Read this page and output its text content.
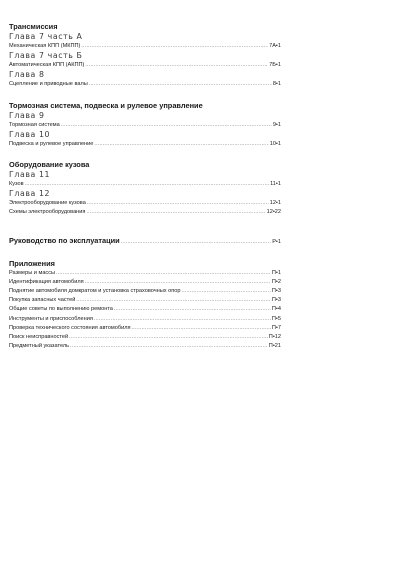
Трансмиссия
Глава 7 часть А
Механическая КПП (МКПП) .....	7А•1
Глава 7 часть Б
Автоматическая КПП (АКПП) .....	7Б•1
Глава 8
Сцепление и приводные валы .....	8•1
Тормозная система, подвеска и рулевое управление
Глава 9
Тормозная система .....	9•1
Глава 10
Подвеска и рулевое управление .....	10•1
Оборудование кузова
Глава 11
Кузов .....	11•1
Глава 12
Электрооборудование кузова .....	12•1
Схемы электрооборудования .....	12•22
Руководство по эксплуатации .....	Р•1
Приложения
Размеры и массы .....	П•1
Идентификация автомобиля .....	П•2
Поднятие автомобиля домкратом и установка страховочных опор .....	П•3
Покупка запасных частей .....	П•3
Общие советы по выполнению ремонта .....	П•4
Инструменты и приспособления .....	П•5
Проверка технического состояния автомобиля .....	П•7
Поиск неисправностей .....	П•12
Предметный указатель .....	П•21
